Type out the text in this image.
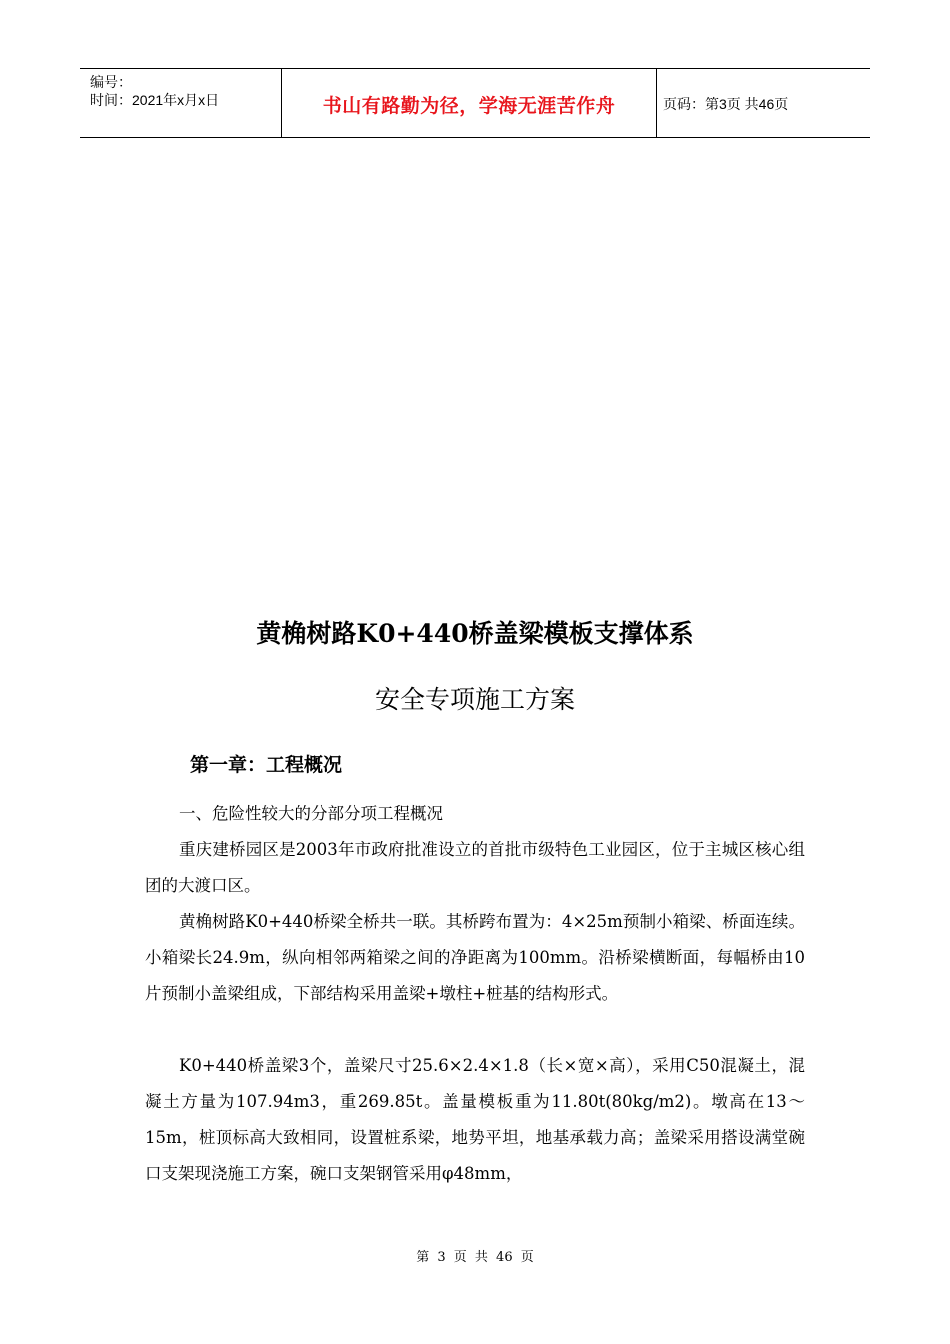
编号：
时间：2021年x月x日	书山有路勤为径，学海无涯苦作舟	页码：第3页 共46页
黄桷树路K0+440桥盖梁模板支撑体系
安全专项施工方案
第一章：工程概况
一、危险性较大的分部分项工程概况
重庆建桥园区是2003年市政府批准设立的首批市级特色工业园区，位于主城区核心组团的大渡口区。
黄桷树路K0+440桥梁全桥共一联。其桥跨布置为：4×25m预制小箱梁、桥面连续。小箱梁长24.9m，纵向相邻两箱梁之间的净距离为100mm。沿桥梁横断面，每幅桥由10片预制小盖梁组成，下部结构采用盖梁+墩柱+桩基的结构形式。
K0+440桥盖梁3个，盖梁尺寸25.6×2.4×1.8（长×宽×高），采用C50混凝土，混凝土方量为107.94m3，重269.85t。盖量模板重为11.80t(80kg/m2)。墩高在13～15m，桩顶标高大致相同，设置桩系梁，地势平坦，地基承载力高；盖梁采用搭设满堂碗口支架现浇施工方案，碗口支架钢管采用φ48mm，
第 3 页 共 46 页
